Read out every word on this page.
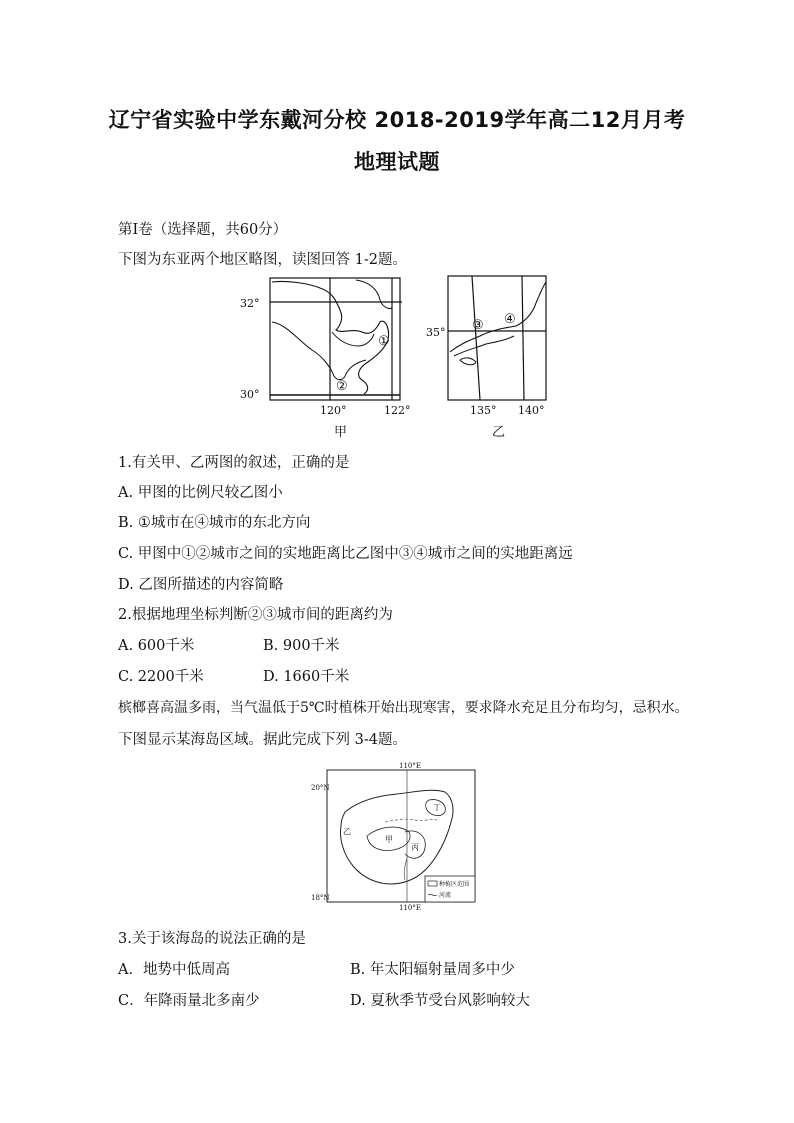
辽宁省实验中学东戴河分校 2018-2019学年高二12月月考
地理试题
第Ⅰ卷（选择题，共60分）
下图为东亚两个地区略图，读图回答 1-2题。
32°
30°
120°	122°
①
②
甲
35°
135° 140°
③ ④
乙
1.有关甲、乙两图的叙述，正确的是
A. 甲图的比例尺较乙图小
B. ①城市在④城市的东北方向
C. 甲图中①②城市之间的实地距离比乙图中③④城市之间的实地距离远
D. 乙图所描述的内容简略
2.根据地理坐标判断②③城市间的距离约为
A. 600千米	B. 900千米
C. 2200千米	D. 1660千米
槟榔喜高温多雨，当气温低于5℃时植株开始出现寒害，要求降水充足且分布均匀，忌积水。
下图显示某海岛区域。据此完成下列 3-4题。
110°E
110°E
20°N
18°N
甲
乙
丙
丁
种植区范围
河流
3.关于该海岛的说法正确的是
A．地势中低周高	B. 年太阳辐射量周多中少
C．年降雨量北多南少	D. 夏秋季节受台风影响较大
